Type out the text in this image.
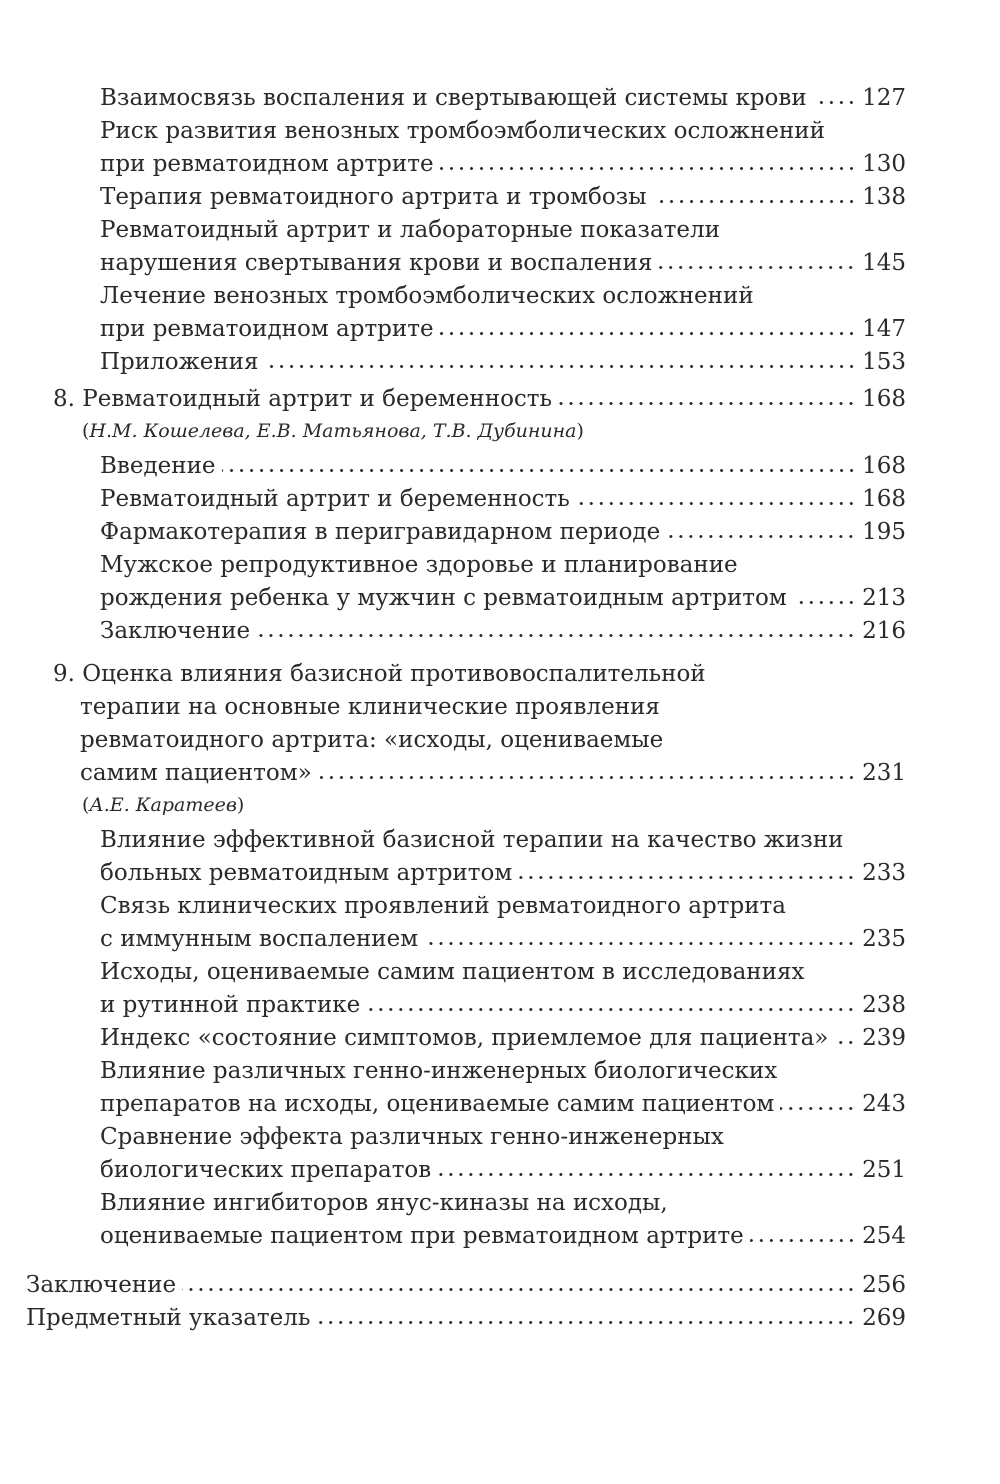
Взаимосвязь воспаления и свертывающей системы крови 127
Риск развития венозных тромбоэмболических осложнений
при ревматоидном артрите	130
Терапия ревматоидного артрита и тромбозы	138
Ревматоидный артрит и лабораторные показатели
нарушения свертывания крови и воспаления	145
Лечение венозных тромбоэмболических осложнений
при ревматоидном артрите	147
Приложения	153
8. Ревматоидный артрит и беременность	168
(Н.М. Кошелева, Е.В. Матьянова, Т.В. Дубинина)
Введение	168
Ревматоидный артрит и беременность	168
Фармакотерапия в перигравидарном периоде	195
Мужское репродуктивное здоровье и планирование
рождения ребенка у мужчин с ревматоидным артритом	213
Заключение	216
9. Оценка влияния базисной противовоспалительной
терапии на основные клинические проявления
ревматоидного артрита: «исходы, оцениваемые
самим пациентом»	231
(А.Е. Каратеев)
Влияние эффективной базисной терапии на качество жизни
больных ревматоидным артритом	233
Связь клинических проявлений ревматоидного артрита
с иммунным воспалением	235
Исходы, оцениваемые самим пациентом в исследованиях
и рутинной практике	238
Индекс «состояние симптомов, приемлемое для пациента» 239
Влияние различных генно-инженерных биологических
препаратов на исходы, оцениваемые самим пациентом	243
Сравнение эффекта различных генно-инженерных
биологических препаратов	251
Влияние ингибиторов янус-киназы на исходы,
оцениваемые пациентом при ревматоидном артрите	254
Заключение	256
Предметный указатель	269
